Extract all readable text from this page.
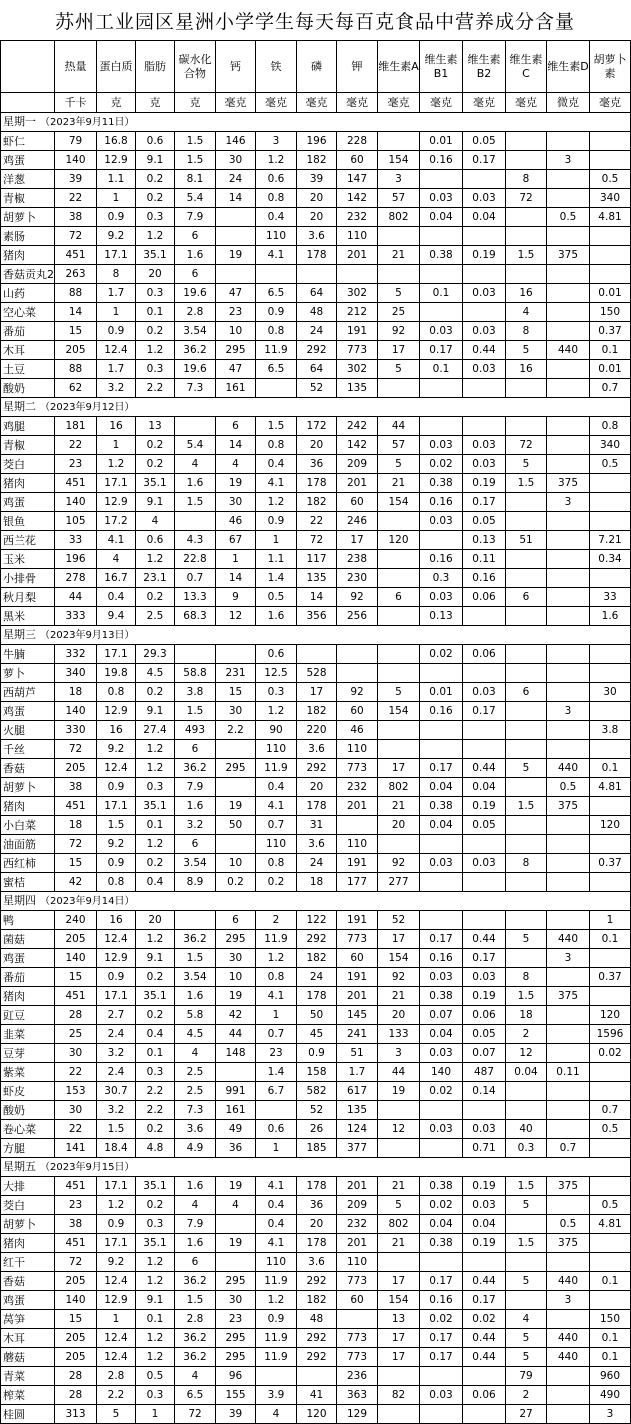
苏州工业园区星洲小学学生每天每百克食品中营养成分含量
	热量	蛋白质	脂肪	碳水化合物	钙	铁	磷	钾	维生素A	维生素B1	维生素B2	维生素C	维生素D	胡萝卜素
	千卡	克	克	克	毫克	毫克	毫克	毫克	毫克	毫克	毫克	毫克	微克	毫克
星期一 （2023年9月11日）														
虾仁	79	16.8	0.6	1.5	146	3	196	228		0.01	0.05			
鸡蛋	140	12.9	9.1	1.5	30	1.2	182	60	154	0.16	0.17		3	
洋葱	39	1.1	0.2	8.1	24	0.6	39	147	3			8		0.5
青椒	22	1	0.2	5.4	14	0.8	20	142	57	0.03	0.03	72		340
胡萝卜	38	0.9	0.3	7.9		0.4	20	232	802	0.04	0.04		0.5	4.81
素肠	72	9.2	1.2	6		110	3.6	110						
猪肉	451	17.1	35.1	1.6	19	4.1	178	201	21	0.38	0.19	1.5	375	
香菇贡丸2	263	8	20	6										
山药	88	1.7	0.3	19.6	47	6.5	64	302	5	0.1	0.03	16		0.01
空心菜	14	1	0.1	2.8	23	0.9	48	212	25			4		150
番茄	15	0.9	0.2	3.54	10	0.8	24	191	92	0.03	0.03	8		0.37
木耳	205	12.4	1.2	36.2	295	11.9	292	773	17	0.17	0.44	5	440	0.1
土豆	88	1.7	0.3	19.6	47	6.5	64	302	5	0.1	0.03	16		0.01
酸奶	62	3.2	2.2	7.3	161		52	135						0.7
星期二 （2023年9月12日）														
鸡腿	181	16	13		6	1.5	172	242	44					0.8
青椒	22	1	0.2	5.4	14	0.8	20	142	57	0.03	0.03	72		340
茭白	23	1.2	0.2	4	4	0.4	36	209	5	0.02	0.03	5		0.5
猪肉	451	17.1	35.1	1.6	19	4.1	178	201	21	0.38	0.19	1.5	375	
鸡蛋	140	12.9	9.1	1.5	30	1.2	182	60	154	0.16	0.17		3	
银鱼	105	17.2	4		46	0.9	22	246		0.03	0.05			
西兰花	33	4.1	0.6	4.3	67	1	72	17	120		0.13	51		7.21
玉米	196	4	1.2	22.8	1	1.1	117	238		0.16	0.11			0.34
小排骨	278	16.7	23.1	0.7	14	1.4	135	230		0.3	0.16			
秋月梨	44	0.4	0.2	13.3	9	0.5	14	92	6	0.03	0.06	6		33
黑米	333	9.4	2.5	68.3	12	1.6	356	256		0.13				1.6
星期三 （2023年9月13日）														
牛腩	332	17.1	29.3			0.6				0.02	0.06			
萝卜	340	19.8	4.5	58.8	231	12.5	528							
西葫芦	18	0.8	0.2	3.8	15	0.3	17	92	5	0.01	0.03	6		30
鸡蛋	140	12.9	9.1	1.5	30	1.2	182	60	154	0.16	0.17		3	
火腿	330	16	27.4	493	2.2	90	220	46						3.8
千丝	72	9.2	1.2	6		110	3.6	110						
香菇	205	12.4	1.2	36.2	295	11.9	292	773	17	0.17	0.44	5	440	0.1
胡萝卜	38	0.9	0.3	7.9		0.4	20	232	802	0.04	0.04		0.5	4.81
猪肉	451	17.1	35.1	1.6	19	4.1	178	201	21	0.38	0.19	1.5	375	
小白菜	18	1.5	0.1	3.2	50	0.7	31		20	0.04	0.05			120
油面筋	72	9.2	1.2	6		110	3.6	110						
西红柿	15	0.9	0.2	3.54	10	0.8	24	191	92	0.03	0.03	8		0.37
蜜桔	42	0.8	0.4	8.9	0.2	0.2	18	177	277					
星期四 （2023年9月14日）														
鸭	240	16	20		6	2	122	191	52					1
菌菇	205	12.4	1.2	36.2	295	11.9	292	773	17	0.17	0.44	5	440	0.1
鸡蛋	140	12.9	9.1	1.5	30	1.2	182	60	154	0.16	0.17		3	
番茄	15	0.9	0.2	3.54	10	0.8	24	191	92	0.03	0.03	8		0.37
猪肉	451	17.1	35.1	1.6	19	4.1	178	201	21	0.38	0.19	1.5	375	
豇豆	28	2.7	0.2	5.8	42	1	50	145	20	0.07	0.06	18		120
韭菜	25	2.4	0.4	4.5	44	0.7	45	241	133	0.04	0.05	2		1596
豆芽	30	3.2	0.1	4	148	23	0.9	51	3	0.03	0.07	12		0.02
紫菜	22	2.4	0.3	2.5		1.4	158	1.7	44	140	487	0.04	0.11	
虾皮	153	30.7	2.2	2.5	991	6.7	582	617	19	0.02	0.14			
酸奶	30	3.2	2.2	7.3	161		52	135						0.7
卷心菜	22	1.5	0.2	3.6	49	0.6	26	124	12	0.03	0.03	40		0.5
方腿	141	18.4	4.8	4.9	36	1	185	377			0.71	0.3	0.7	
星期五 （2023年9月15日）														
大排	451	17.1	35.1	1.6	19	4.1	178	201	21	0.38	0.19	1.5	375	
茭白	23	1.2	0.2	4	4	0.4	36	209	5	0.02	0.03	5		0.5
胡萝卜	38	0.9	0.3	7.9		0.4	20	232	802	0.04	0.04		0.5	4.81
猪肉	451	17.1	35.1	1.6	19	4.1	178	201	21	0.38	0.19	1.5	375	
红干	72	9.2	1.2	6		110	3.6	110						
香菇	205	12.4	1.2	36.2	295	11.9	292	773	17	0.17	0.44	5	440	0.1
鸡蛋	140	12.9	9.1	1.5	30	1.2	182	60	154	0.16	0.17		3	
莴笋	15	1	0.1	2.8	23	0.9	48		13	0.02	0.02	4		150
木耳	205	12.4	1.2	36.2	295	11.9	292	773	17	0.17	0.44	5	440	0.1
蘑菇	205	12.4	1.2	36.2	295	11.9	292	773	17	0.17	0.44	5	440	0.1
青菜	28	2.8	0.5	4	96			236				79		960
榨菜	28	2.2	0.3	6.5	155	3.9	41	363	82	0.03	0.06	2		490
桂圆	313	5	1	72	39	4	120	129				27		3
